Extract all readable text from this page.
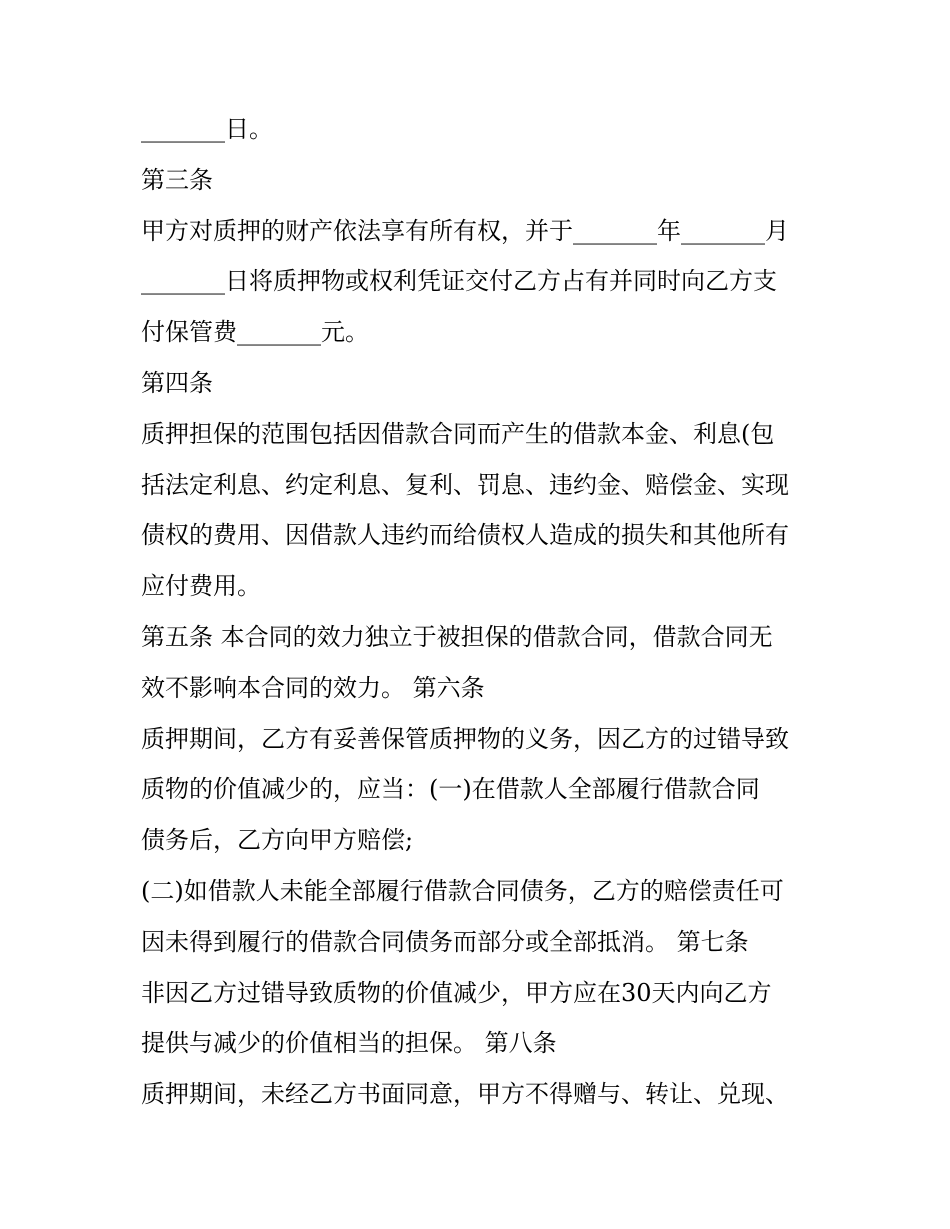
_______日。
第三条
甲方对质押的财产依法享有所有权，并于_______年_______月
_______日将质押物或权利凭证交付乙方占有并同时向乙方支
付保管费_______元。
第四条
质押担保的范围包括因借款合同而产生的借款本金、利息(包
括法定利息、约定利息、复利、罚息、违约金、赔偿金、实现
债权的费用、因借款人违约而给债权人造成的损失和其他所有
应付费用。
第五条 本合同的效力独立于被担保的借款合同，借款合同无
效不影响本合同的效力。 第六条
质押期间，乙方有妥善保管质押物的义务，因乙方的过错导致
质物的价值减少的，应当：(一)在借款人全部履行借款合同
债务后，乙方向甲方赔偿;
(二)如借款人未能全部履行借款合同债务，乙方的赔偿责任可
因未得到履行的借款合同债务而部分或全部抵消。 第七条
非因乙方过错导致质物的价值减少，甲方应在30天内向乙方
提供与减少的价值相当的担保。 第八条
质押期间，未经乙方书面同意，甲方不得赠与、转让、兑现、
